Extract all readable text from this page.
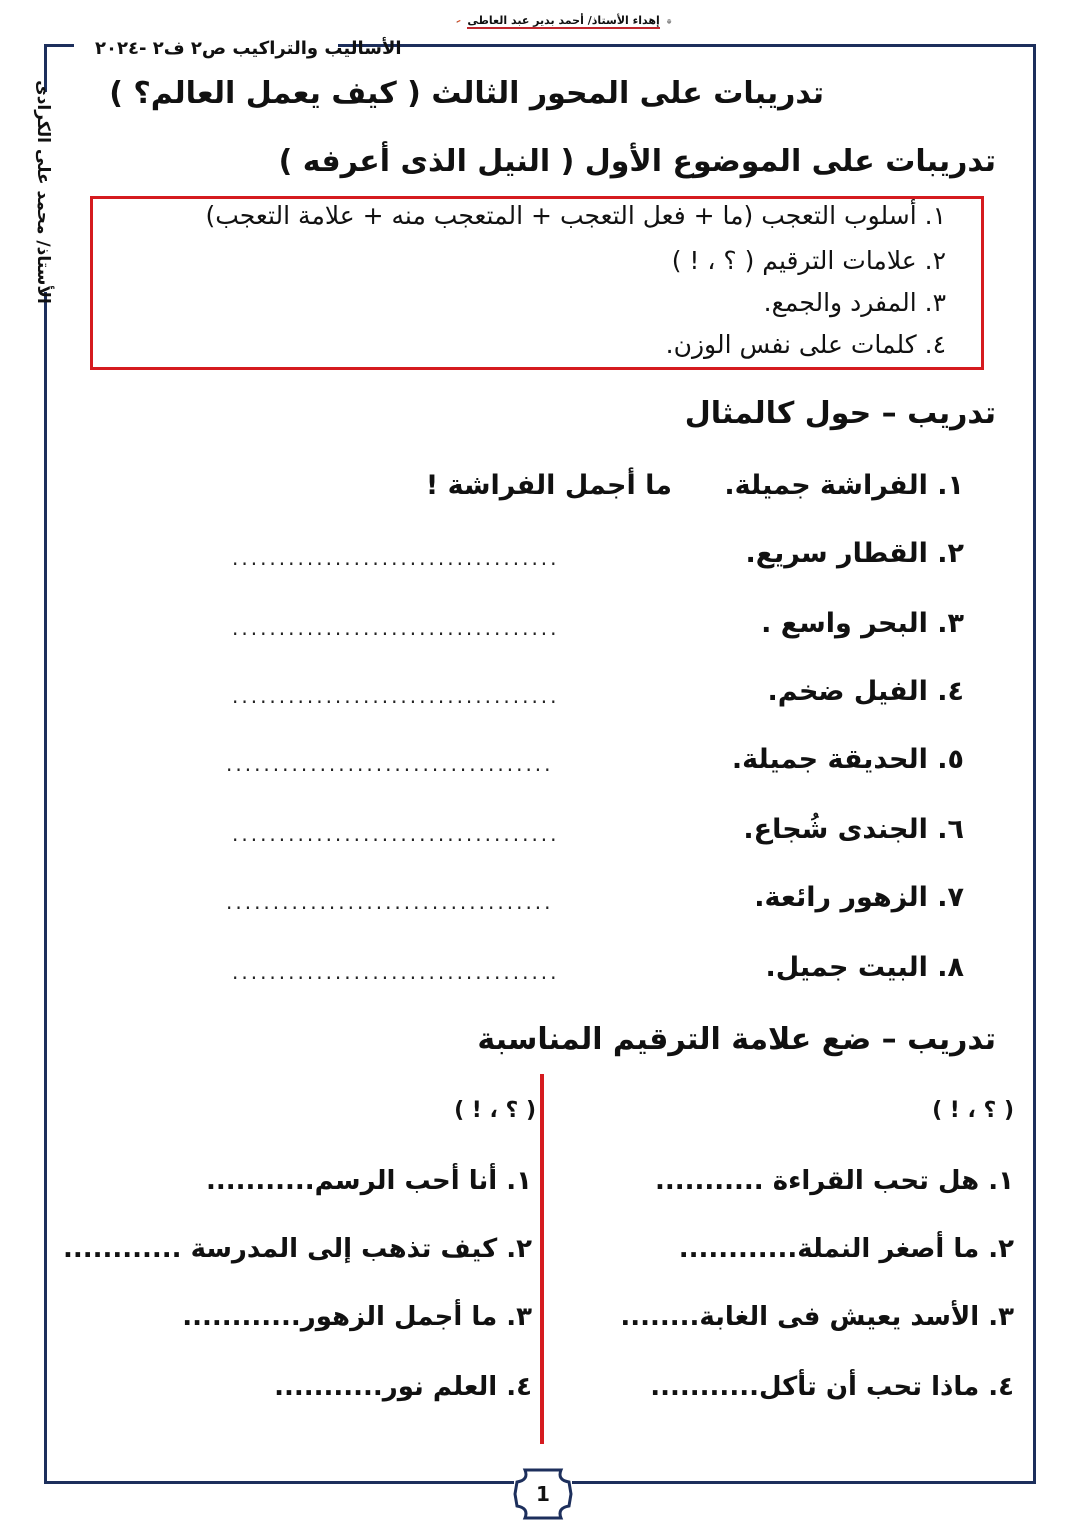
إهداء الأستاذ/ أحمد بدير عبد العاطى
الأساليب والتراكيب ص٢ ف٢ -٢٠٢٤
الأستاذ/ محمد على الكرادى تدريبات على المحور الثالث ( كيف يعمل العالم؟ )
تدريبات على الموضوع الأول ( النيل الذى أعرفه )
١. أسلوب التعجب (ما + فعل التعجب + المتعجب منه + علامة التعجب)
٢. علامات الترقيم ( ؟ ، ! )
٣. المفرد والجمع.
٤. كلمات على نفس الوزن.
تدريب – حول كالمثال
١. الفراشة جميلة.
ما أجمل الفراشة !
٢. القطار سريع.
...................................
٣. البحر واسع .
...................................
٤. الفيل ضخم.
...................................
٥. الحديقة جميلة.
...................................
٦. الجندى شُجاع.
...................................
٧. الزهور رائعة.
...................................
٨. البيت جميل.
...................................
تدريب – ضع علامة الترقيم المناسبة
( ؟ ، ! )
( ؟ ، ! )
١. هل تحب القراءة ...........
٢. ما أصغر النملة............
٣. الأسد يعيش فى الغابة........
٤. ماذا تحب أن تأكل...........
١. أنا أحب الرسم...........
٢. كيف تذهب إلى المدرسة ............
٣. ما أجمل الزهور............
٤. العلم نور...........
1
